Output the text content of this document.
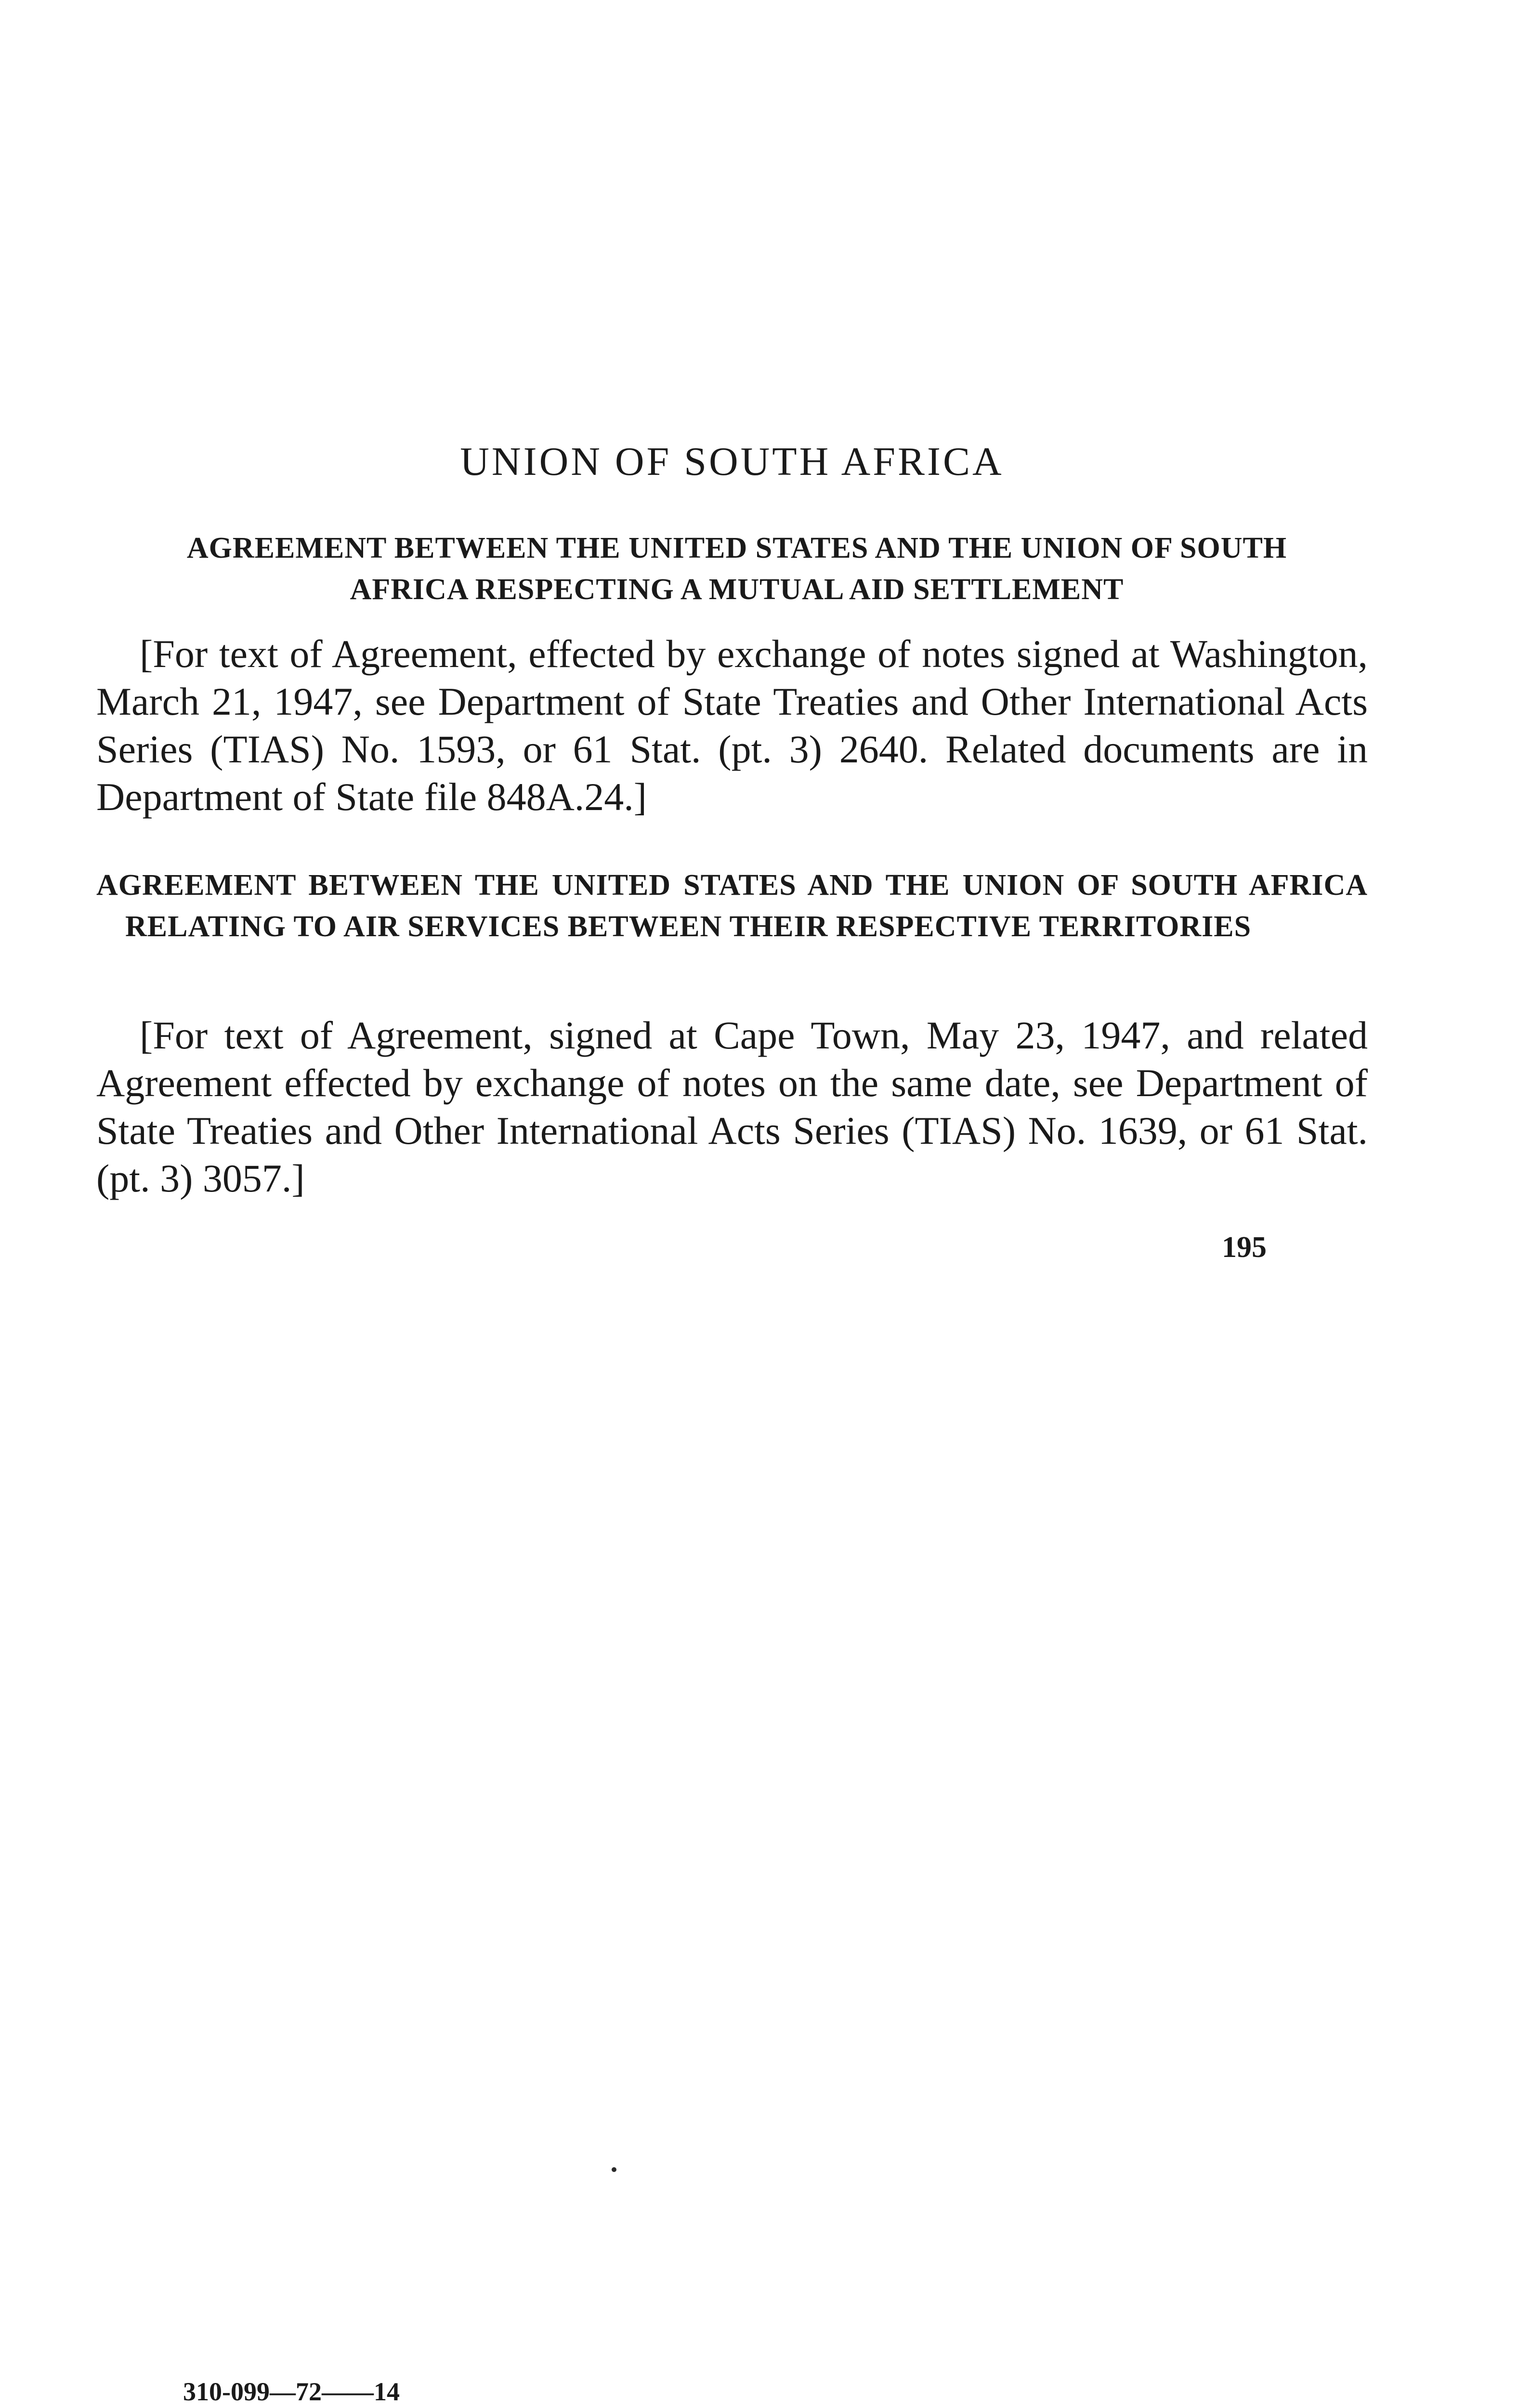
UNION OF SOUTH AFRICA
AGREEMENT BETWEEN THE UNITED STATES AND THE UNION OF SOUTH AFRICA RESPECTING A MUTUAL AID SETTLEMENT

[For text of Agreement, effected by exchange of notes signed at Washington, March 21, 1947, see Department of State Treaties and Other International Acts Series (TIAS) No. 1593, or 61 Stat. (pt. 3) 2640. Related documents are in Department of State file 848A.24.]

AGREEMENT BETWEEN THE UNITED STATES AND THE UNION OF SOUTH AFRICA RELATING TO AIR SERVICES BETWEEN THEIR RESPECTIVE TERRITORIES

[For text of Agreement, signed at Cape Town, May 23, 1947, and related Agreement effected by exchange of notes on the same date, see Department of State Treaties and Other International Acts Series (TIAS) No. 1639, or 61 Stat. (pt. 3) 3057.]

195

310-099—72——14
